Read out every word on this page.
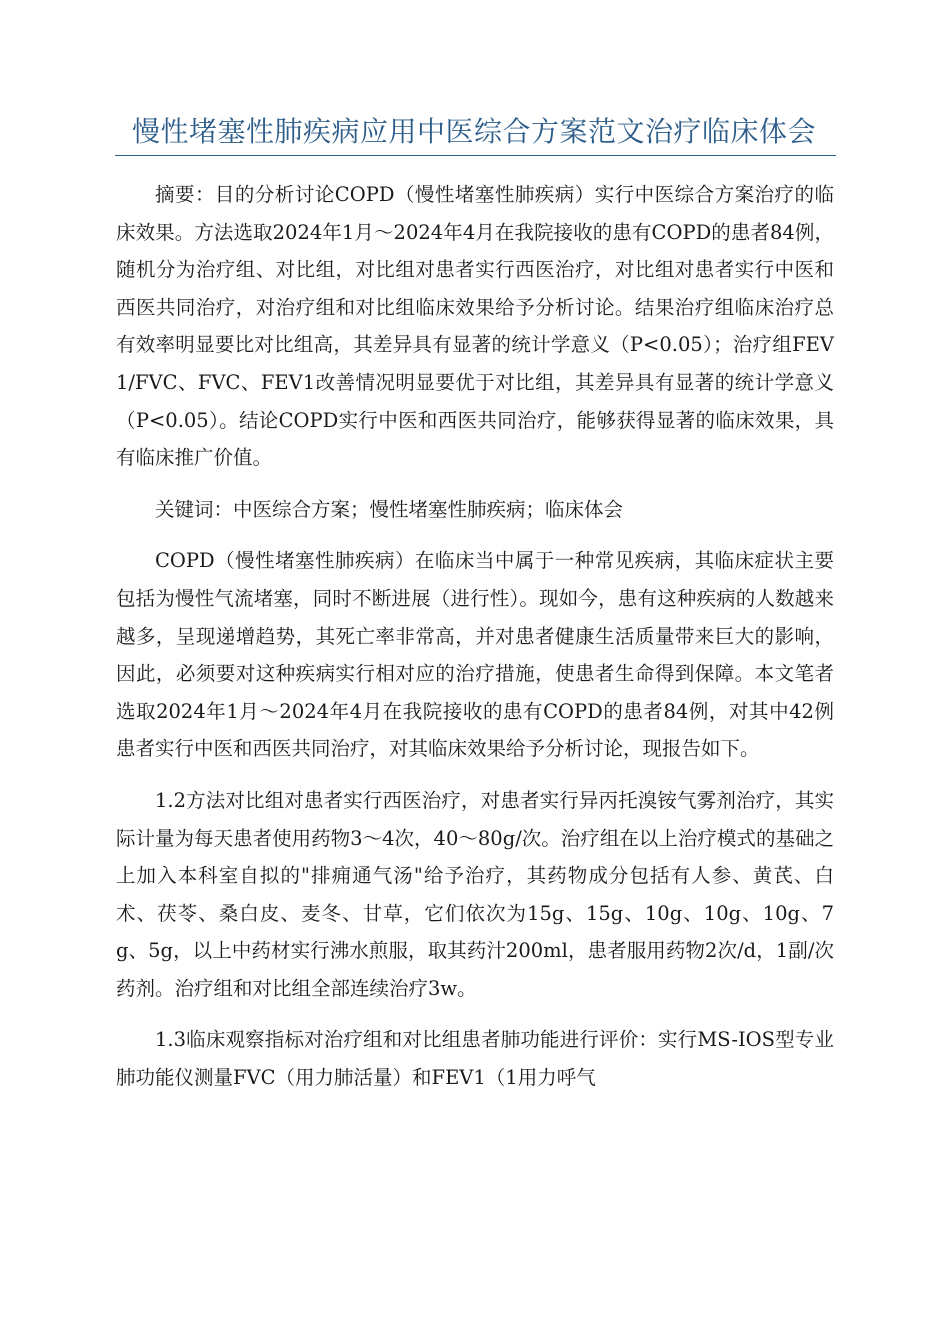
慢性堵塞性肺疾病应用中医综合方案范文治疗临床体会

摘要：目的分析讨论COPD（慢性堵塞性肺疾病）实行中医综合方案治疗的临床效果。方法选取2024年1月～2024年4月在我院接收的患有COPD的患者84例，随机分为治疗组、对比组，对比组对患者实行西医治疗，对比组对患者实行中医和西医共同治疗，对治疗组和对比组临床效果给予分析讨论。结果治疗组临床治疗总有效率明显要比对比组高，其差异具有显著的统计学意义（P<0.05）；治疗组FEV1/FVC、FVC、FEV1改善情况明显要优于对比组，其差异具有显著的统计学意义（P<0.05）。结论COPD实行中医和西医共同治疗，能够获得显著的临床效果，具有临床推广价值。

关键词：中医综合方案；慢性堵塞性肺疾病；临床体会

COPD（慢性堵塞性肺疾病）在临床当中属于一种常见疾病，其临床症状主要包括为慢性气流堵塞，同时不断进展（进行性）。现如今，患有这种疾病的人数越来越多，呈现递增趋势，其死亡率非常高，并对患者健康生活质量带来巨大的影响，因此，必须要对这种疾病实行相对应的治疗措施，使患者生命得到保障。本文笔者选取2024年1月～2024年4月在我院接收的患有COPD的患者84例，对其中42例患者实行中医和西医共同治疗，对其临床效果给予分析讨论，现报告如下。

1.2方法对比组对患者实行西医治疗，对患者实行异丙托溴铵气雾剂治疗，其实际计量为每天患者使用药物3～4次，40～80g/次。治疗组在以上治疗模式的基础之上加入本科室自拟的"排痈通气汤"给予治疗，其药物成分包括有人参、黄芪、白术、茯苓、桑白皮、麦冬、甘草，它们依次为15g、15g、10g、10g、10g、7g、5g，以上中药材实行沸水煎服，取其药汁200ml，患者服用药物2次/d，1副/次药剂。治疗组和对比组全部连续治疗3w。

1.3临床观察指标对治疗组和对比组患者肺功能进行评价：实行MS-IOS型专业肺功能仪测量FVC（用力肺活量）和FEV1（1用力呼气
